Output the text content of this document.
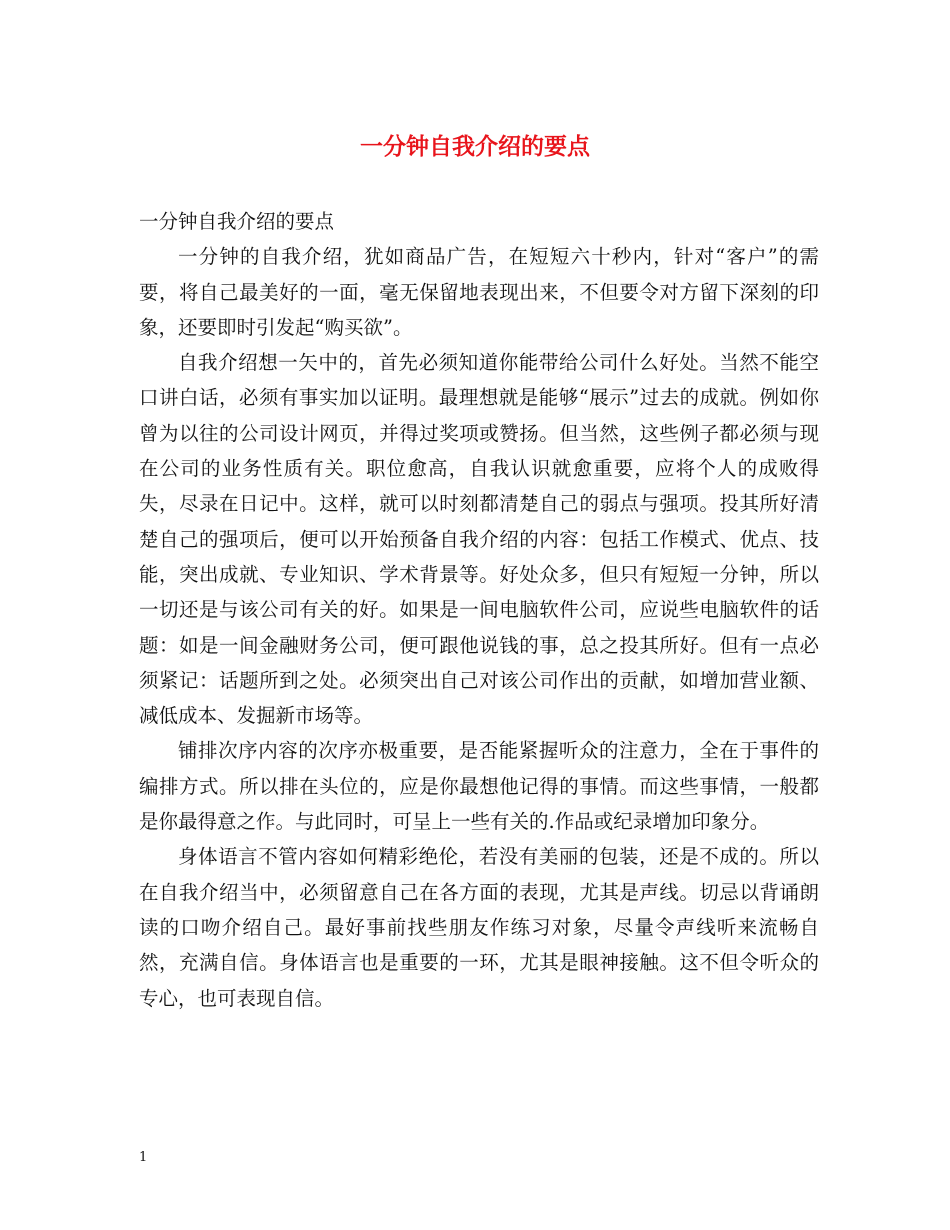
一分钟自我介绍的要点

一分钟自我介绍的要点

一分钟的自我介绍，犹如商品广告，在短短六十秒内，针对“客户”的需要，将自己最美好的一面，毫无保留地表现出来，不但要令对方留下深刻的印象，还要即时引发起“购买欲”。

自我介绍想一矢中的，首先必须知道你能带给公司什么好处。当然不能空口讲白话，必须有事实加以证明。最理想就是能够“展示”过去的成就。例如你曾为以往的公司设计网页，并得过奖项或赞扬。但当然，这些例子都必须与现在公司的业务性质有关。职位愈高，自我认识就愈重要，应将个人的成败得失，尽录在日记中。这样，就可以时刻都清楚自己的弱点与强项。投其所好清楚自己的强项后，便可以开始预备自我介绍的内容：包括工作模式、优点、技能，突出成就、专业知识、学术背景等。好处众多，但只有短短一分钟，所以一切还是与该公司有关的好。如果是一间电脑软件公司，应说些电脑软件的话题：如是一间金融财务公司，便可跟他说钱的事，总之投其所好。但有一点必须紧记：话题所到之处。必须突出自己对该公司作出的贡献，如增加营业额、减低成本、发掘新市场等。

铺排次序内容的次序亦极重要，是否能紧握听众的注意力，全在于事件的编排方式。所以排在头位的，应是你最想他记得的事情。而这些事情，一般都是你最得意之作。与此同时，可呈上一些有关的.作品或纪录增加印象分。

身体语言不管内容如何精彩绝伦，若没有美丽的包装，还是不成的。所以在自我介绍当中，必须留意自己在各方面的表现，尤其是声线。切忌以背诵朗读的口吻介绍自己。最好事前找些朋友作练习对象，尽量令声线听来流畅自然，充满自信。身体语言也是重要的一环，尤其是眼神接触。这不但令听众的专心，也可表现自信。

1
